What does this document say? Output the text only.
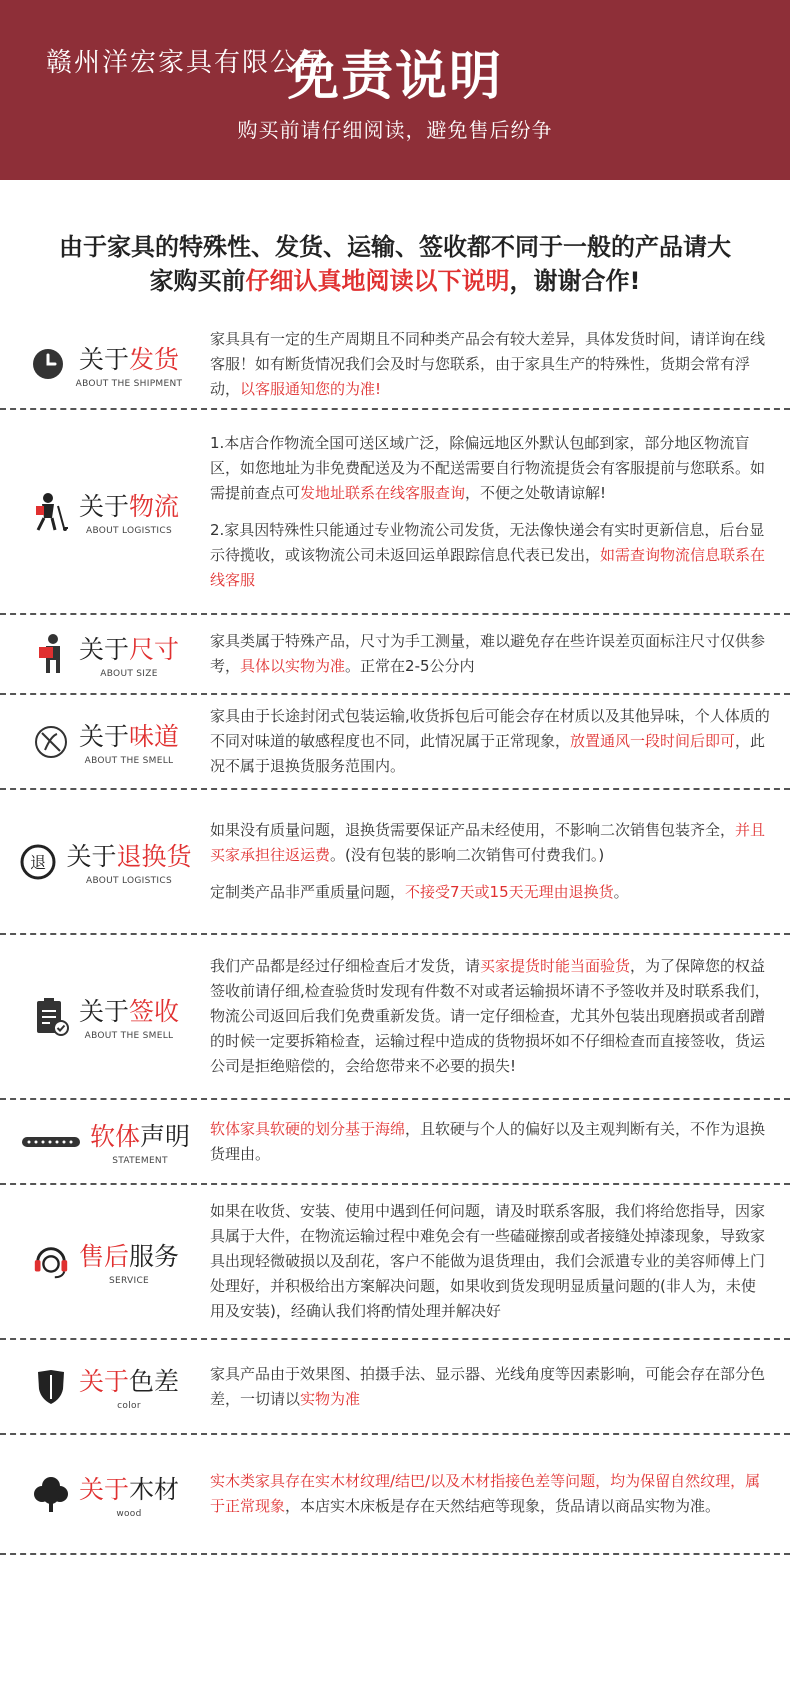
赣州洋宏家具有限公司
免责说明
购买前请仔细阅读，避免售后纷争
由于家具的特殊性、发货、运输、签收都不同于一般的产品请大
家购买前仔细认真地阅读以下说明，谢谢合作!
关于发货
ABOUT THE SHIPMENT

家具具有一定的生产周期且不同种类产品会有较大差异，具体发货时间，请详询在线客服！如有断货情况我们会及时与您联系，由于家具生产的特殊性，货期会常有浮动，以客服通知您的为准!

关于物流
ABOUT LOGISTICS

1.本店合作物流全国可送区域广泛，除偏远地区外默认包邮到家，部分地区物流盲区，如您地址为非免费配送及为不配送需要自行物流提货会有客服提前与您联系。如需提前查点可发地址联系在线客服查询，不便之处敬请谅解!

2.家具因特殊性只能通过专业物流公司发货，无法像快递会有实时更新信息，后台显示待揽收，或该物流公司未返回运单跟踪信息代表已发出，如需查询物流信息联系在线客服

关于尺寸
ABOUT SIZE

家具类属于特殊产品，尺寸为手工测量，难以避免存在些许误差页面标注尺寸仅供参考，具体以实物为准。正常在2-5公分内

关于味道
ABOUT THE SMELL

家具由于长途封闭式包装运输,收货拆包后可能会存在材质以及其他异味，个人体质的不同对味道的敏感程度也不同，此情况属于正常现象，放置通风一段时间后即可，此况不属于退换货服务范围内。

退 关于退换货
ABOUT LOGISTICS

如果没有质量问题，退换货需要保证产品未经使用，不影响二次销售包装齐全，并且买家承担往返运费。(没有包装的影响二次销售可付费我们。)

定制类产品非严重质量问题，不接受7天或15天无理由退换货。

关于签收
ABOUT THE SMELL

我们产品都是经过仔细检查后才发货，请买家提货时能当面验货，为了保障您的权益签收前请仔细,检查验货时发现有件数不对或者运输损坏请不予签收并及时联系我们，物流公司返回后我们免费重新发货。请一定仔细检查，尤其外包装出现磨损或者刮蹭的时候一定要拆箱检查，运输过程中造成的货物损坏如不仔细检查而直接签收，货运公司是拒绝赔偿的，会给您带来不必要的损失!

软体声明
STATEMENT

软体家具软硬的划分基于海绵，且软硬与个人的偏好以及主观判断有关，不作为退换货理由。

售后服务
SERVICE

如果在收货、安装、使用中遇到任何问题，请及时联系客服，我们将给您指导，因家具属于大件，在物流运输过程中难免会有一些磕碰擦刮或者接缝处掉漆现象，导致家具出现轻微破损以及刮花，客户不能做为退货理由，我们会派遣专业的美容师傅上门处理好，并积极给出方案解决问题，如果收到货发现明显质量问题的(非人为，未使用及安装)，经确认我们将酌情处理并解决好

关于色差
color

家具产品由于效果图、拍摄手法、显示器、光线角度等因素影响，可能会存在部分色差，一切请以实物为准

关于木材
wood

实木类家具存在实木材纹理/结巴/以及木材指接色差等问题，均为保留自然纹理，属于正常现象，本店实木床板是存在天然结疤等现象，货品请以商品实物为准。
